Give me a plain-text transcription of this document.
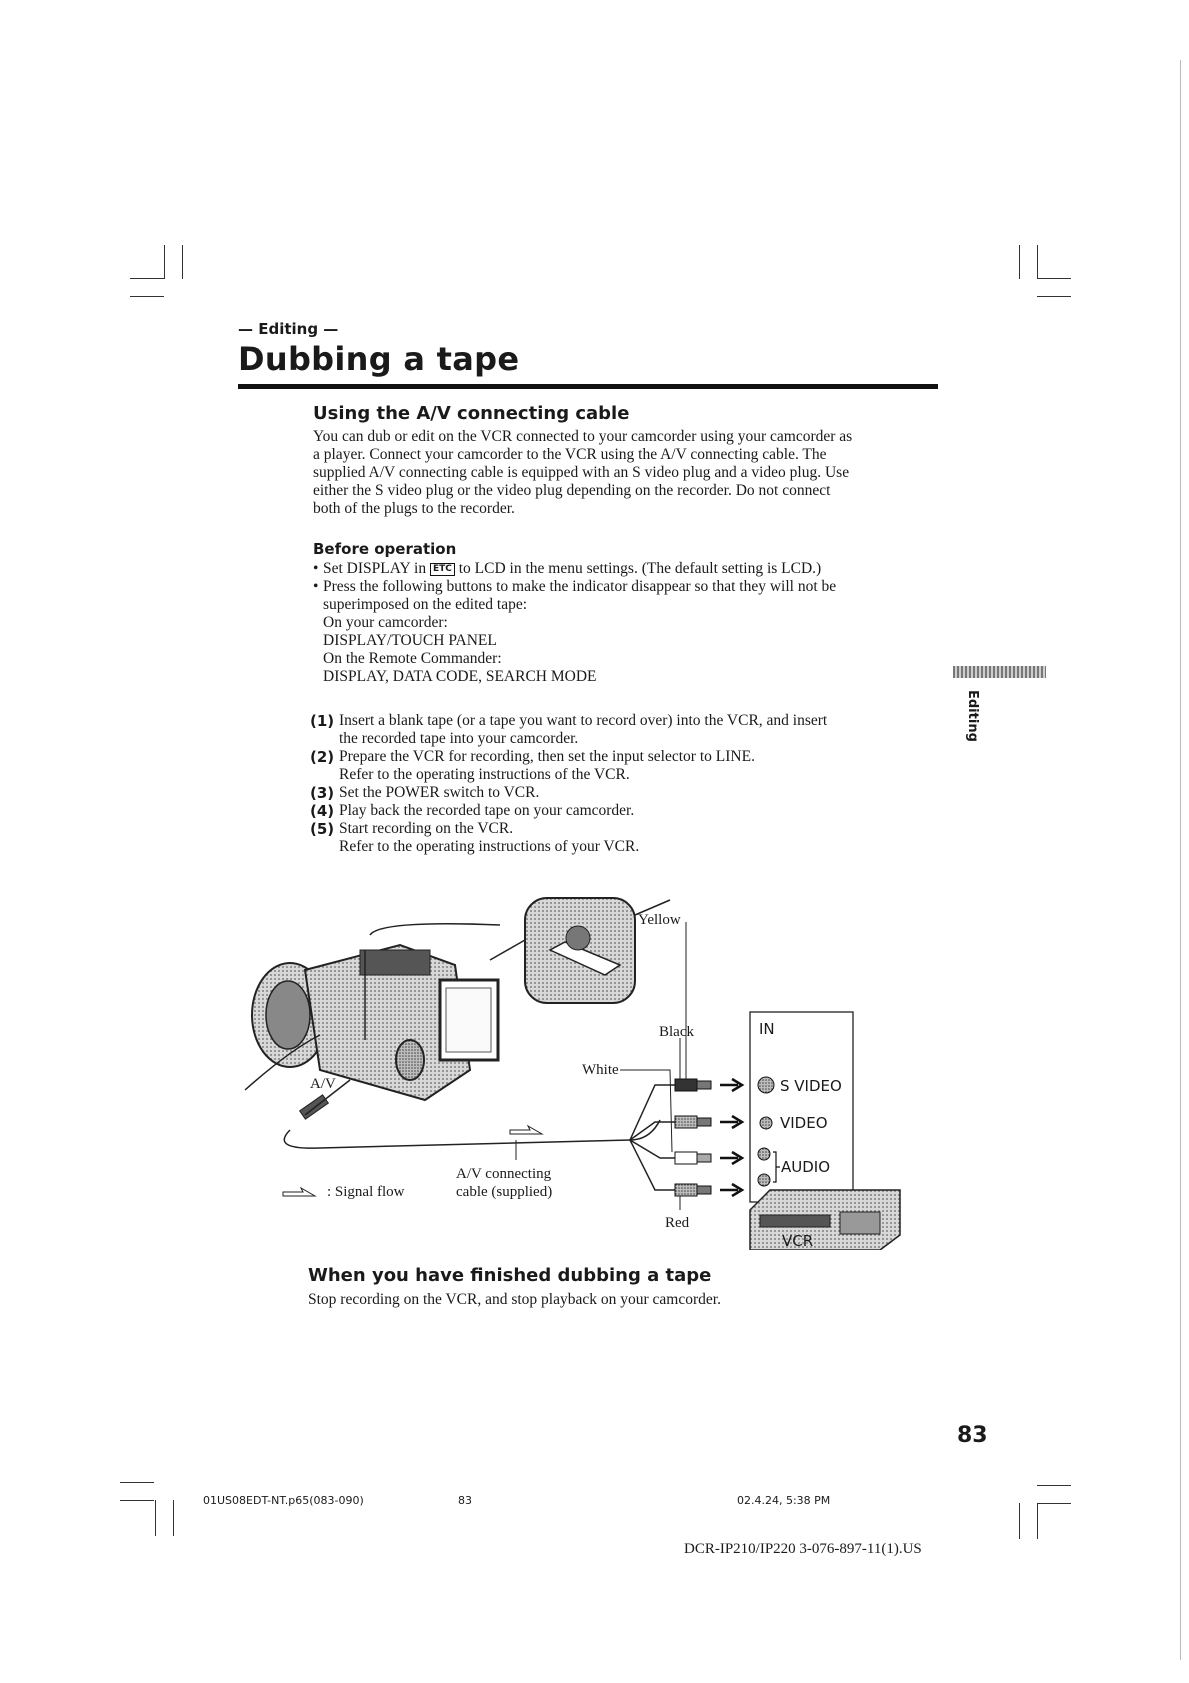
— Editing —
Dubbing a tape
Using the A/V connecting cable
You can dub or edit on the VCR connected to your camcorder using your camcorder as
a player. Connect your camcorder to the VCR using the A/V connecting cable. The
supplied A/V connecting cable is equipped with an S video plug and a video plug. Use
either the S video plug or the video plug depending on the recorder. Do not connect
both of the plugs to the recorder.
Before operation
• Set DISPLAY in ETC to LCD in the menu settings. (The default setting is LCD.)
• Press the following buttons to make the indicator disappear so that they will not be
superimposed on the edited tape:
On your camcorder:
DISPLAY/TOUCH PANEL
On the Remote Commander:
DISPLAY, DATA CODE, SEARCH MODE
(1) Insert a blank tape (or a tape you want to record over) into the VCR, and insert
the recorded tape into your camcorder.
(2) Prepare the VCR for recording, then set the input selector to LINE.
Refer to the operating instructions of the VCR.
(3) Set the POWER switch to VCR.
(4) Play back the recorded tape on your camcorder.
(5) Start recording on the VCR.
Refer to the operating instructions of your VCR.
Editing
Yellow
Black
White
Red
A/V
IN
S VIDEO
VIDEO
AUDIO
A/V connecting
cable (supplied)
: Signal flow
VCR
When you have finished dubbing a tape
Stop recording on the VCR, and stop playback on your camcorder.
83
01US08EDT-NT.p65(083-090)	83	02.4.24, 5:38 PM
DCR-IP210/IP220 3-076-897-11(1).US
